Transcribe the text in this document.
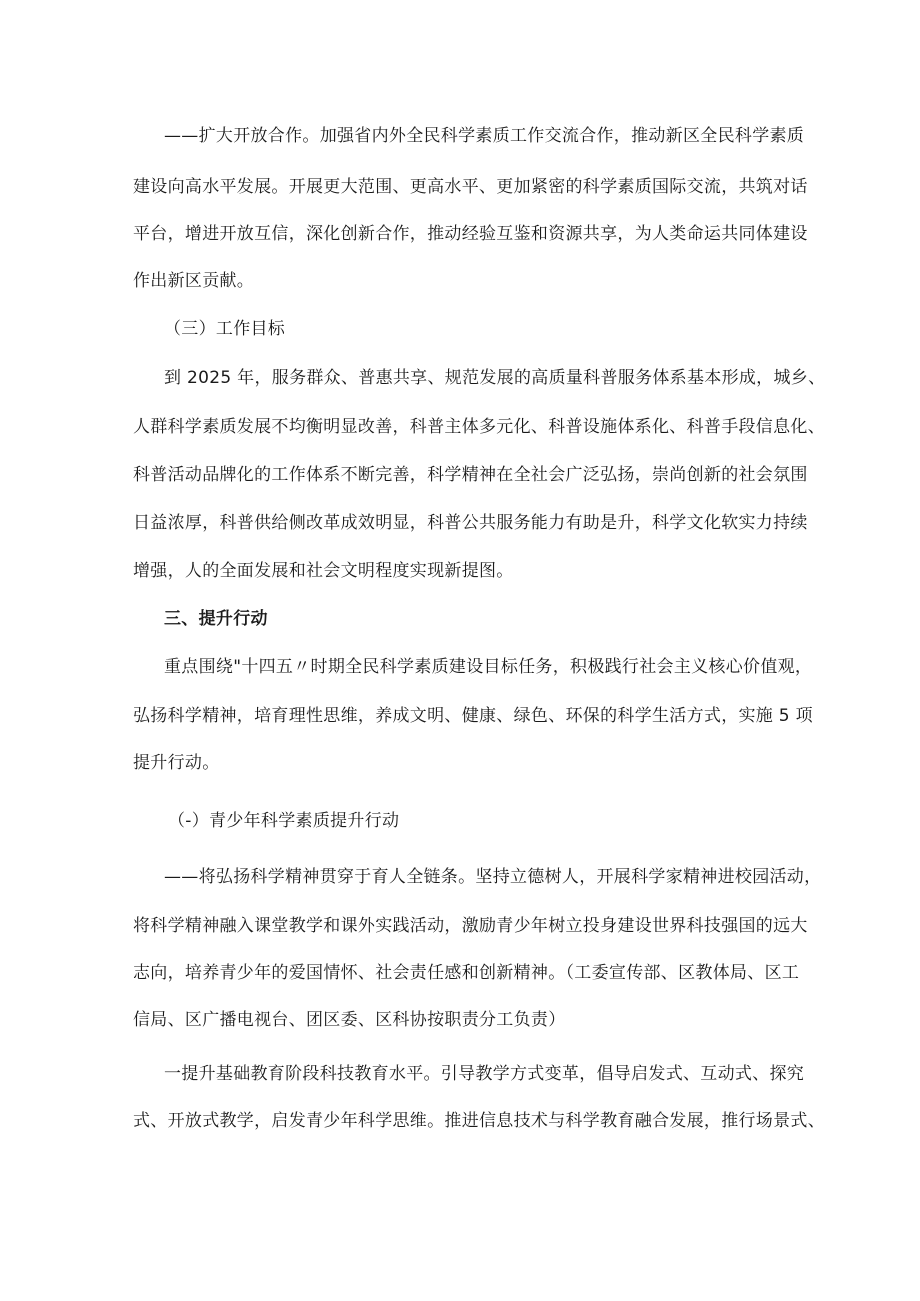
——扩大开放合作。加强省内外全民科学素质工作交流合作，推动新区全民科学素质
建设向高水平发展。开展更大范围、更高水平、更加紧密的科学素质国际交流，共筑对话
平台，增进开放互信，深化创新合作，推动经验互鉴和资源共享，为人类命运共同体建设
作出新区贡献。
（三）工作目标
到 2025 年，服务群众、普惠共享、规范发展的高质量科普服务体系基本形成，城乡、
人群科学素质发展不均衡明显改善，科普主体多元化、科普设施体系化、科普手段信息化、
科普活动品牌化的工作体系不断完善，科学精神在全社会广泛弘扬，崇尚创新的社会氛围
日益浓厚，科普供给侧改革成效明显，科普公共服务能力有助是升，科学文化软实力持续
增强，人的全面发展和社会文明程度实现新提图。
三、提升行动
重点围绕"十四五〃时期全民科学素质建设目标任务，积极践行社会主义核心价值观，
弘扬科学精神，培育理性思维，养成文明、健康、绿色、环保的科学生活方式，实施 5 项
提升行动。
（-）青少年科学素质提升行动
——将弘扬科学精神贯穿于育人全链条。坚持立德树人，开展科学家精神进校园活动，
将科学精神融入课堂教学和课外实践活动，激励青少年树立投身建设世界科技强国的远大
志向，培养青少年的爱国情怀、社会责任感和创新精神。（工委宣传部、区教体局、区工
信局、区广播电视台、团区委、区科协按职责分工负责）
一提升基础教育阶段科技教育水平。引导教学方式变革，倡导启发式、互动式、探究
式、开放式教学，启发青少年科学思维。推进信息技术与科学教育融合发展，推行场景式、
